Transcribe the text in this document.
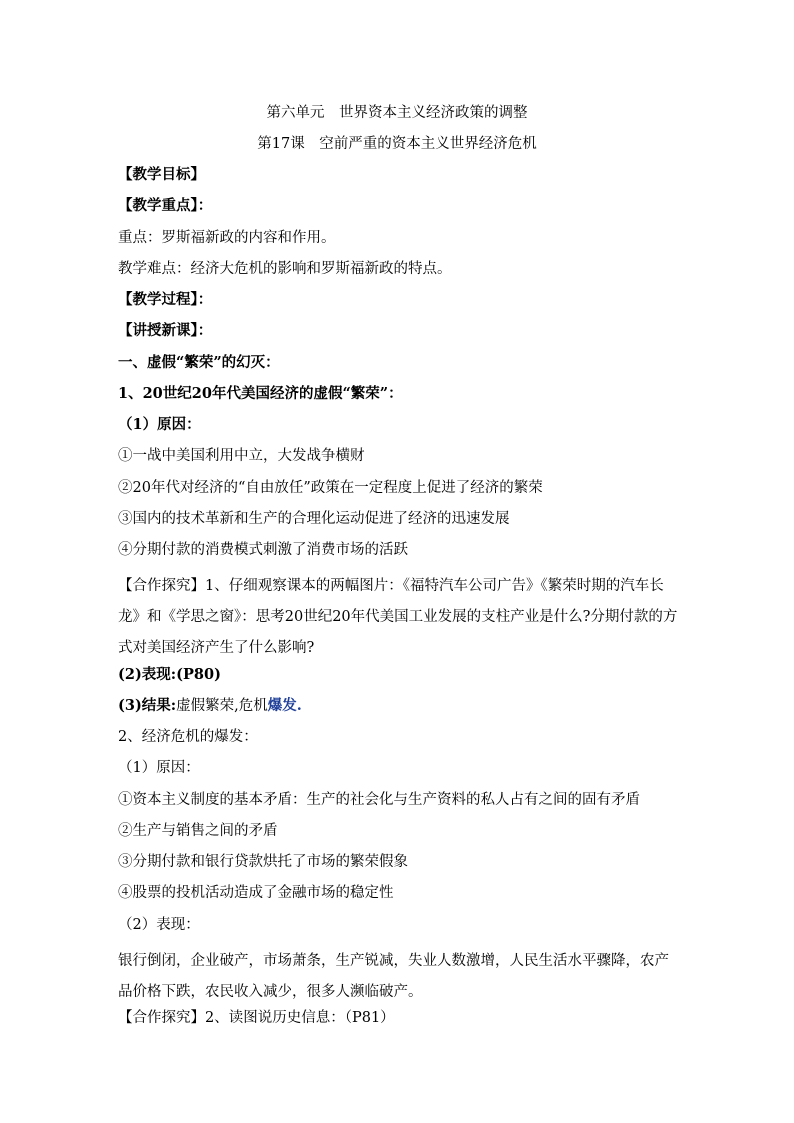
第六单元　世界资本主义经济政策的调整
第17课　空前严重的资本主义世界经济危机
【教学目标】
【教学重点】：
重点：罗斯福新政的内容和作用。
教学难点：经济大危机的影响和罗斯福新政的特点。
【教学过程】：
【讲授新课】：
一、虚假“繁荣”的幻灭：
1、20世纪20年代美国经济的虚假“繁荣”：
（1）原因：
①一战中美国利用中立，大发战争横财
②20年代对经济的“自由放任”政策在一定程度上促进了经济的繁荣
③国内的技术革新和生产的合理化运动促进了经济的迅速发展
④分期付款的消费模式刺激了消费市场的活跃
【合作探究】1、仔细观察课本的两幅图片：《福特汽车公司广告》《繁荣时期的汽车长龙》和《学思之窗》：思考20世纪20年代美国工业发展的支柱产业是什么?分期付款的方式对美国经济产生了什么影响?
(2)表现:(P80)
(3)结果:虚假繁荣,危机爆发.
2、经济危机的爆发：
（1）原因：
①资本主义制度的基本矛盾：生产的社会化与生产资料的私人占有之间的固有矛盾
②生产与销售之间的矛盾
③分期付款和银行贷款烘托了市场的繁荣假象
④股票的投机活动造成了金融市场的稳定性
（2）表现：
银行倒闭，企业破产，市场萧条，生产锐减，失业人数激增，人民生活水平骤降，农产品价格下跌，农民收入减少，很多人濒临破产。
【合作探究】2、读图说历史信息：（P81）
